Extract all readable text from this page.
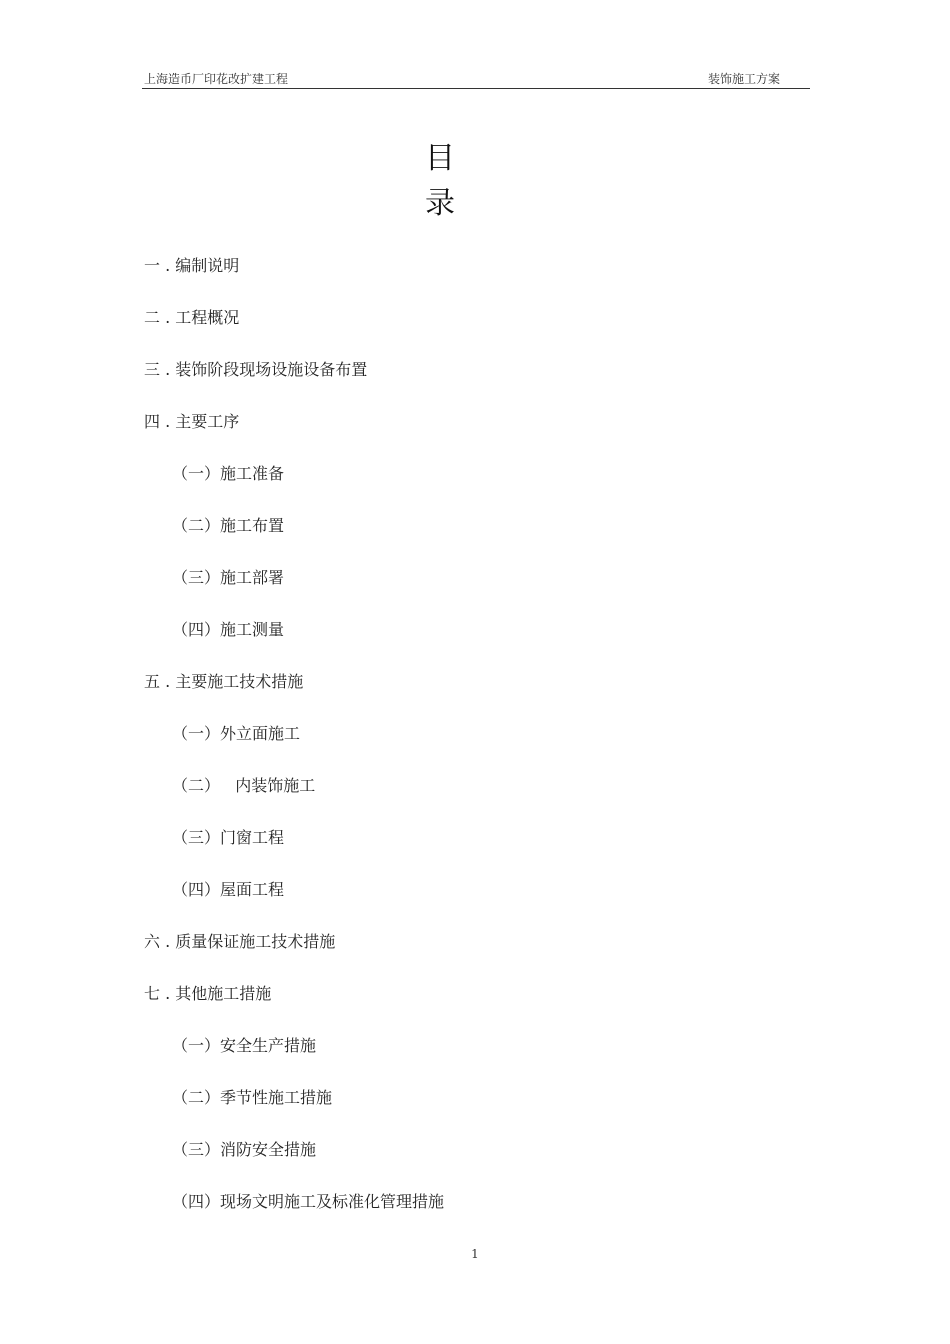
上海造币厂印花改扩建工程	装饰施工方案
目
录
一 . 编制说明
二 . 工程概况
三 . 装饰阶段现场设施设备布置
四 . 主要工序
（一）施工准备
（二）施工布置
（三）施工部署
（四）施工测量
五 . 主要施工技术措施
（一）外立面施工
（二）   内装饰施工
（三）门窗工程
（四）屋面工程
六 . 质量保证施工技术措施
七 . 其他施工措施
（一）安全生产措施
（二）季节性施工措施
（三）消防安全措施
（四）现场文明施工及标准化管理措施
1
